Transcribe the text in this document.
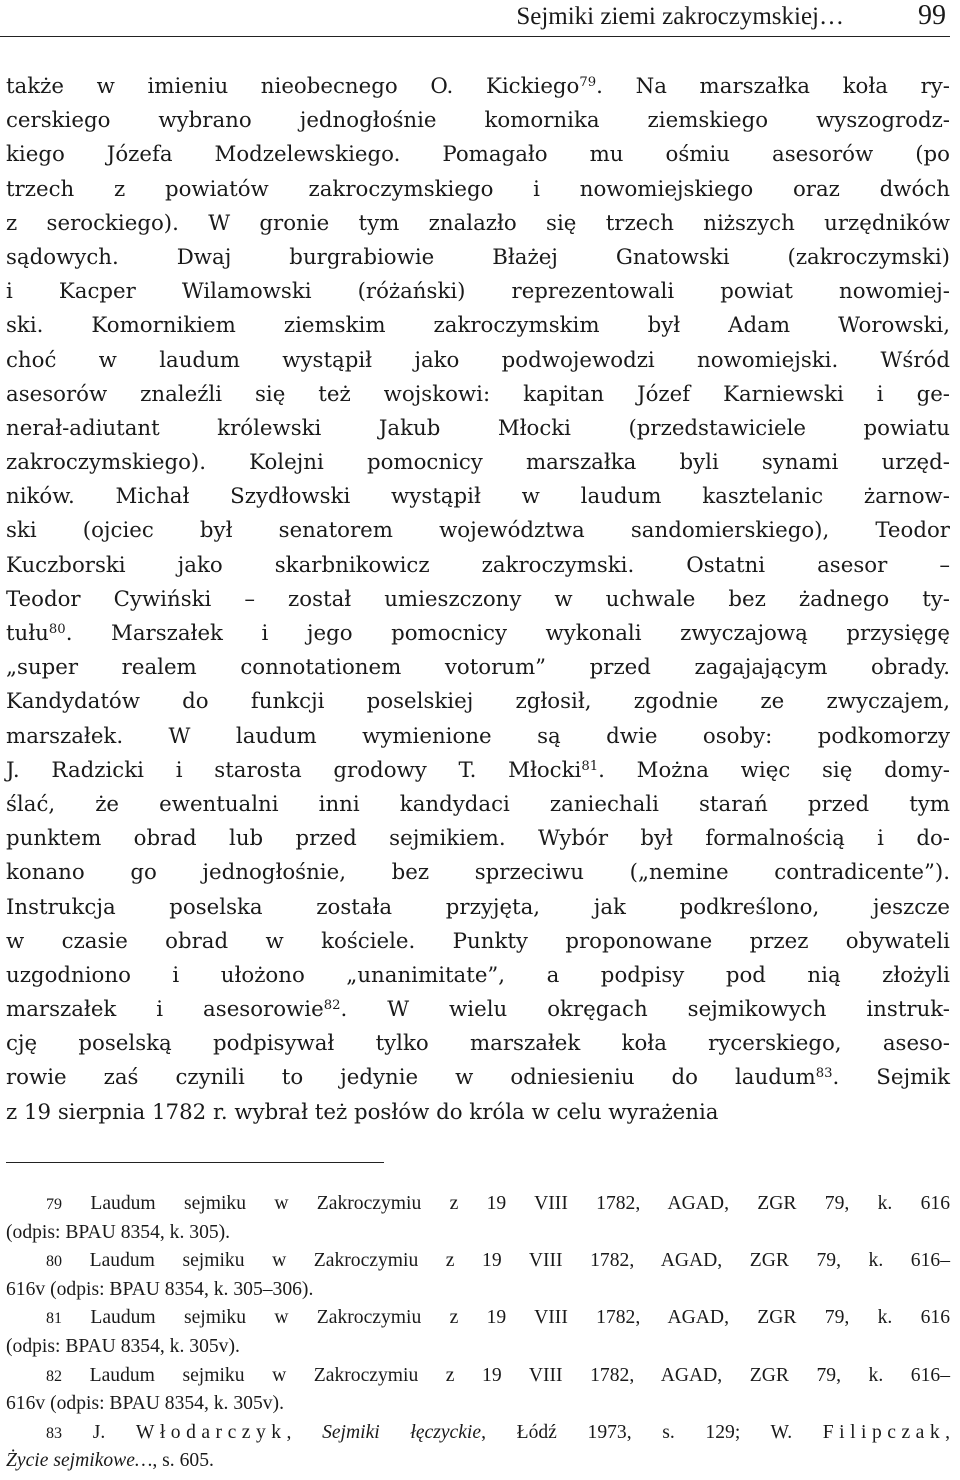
Sejmiki ziemi zakroczymskiej…	99
także w imieniu nieobecnego O. Kickiego$^{79}$. Na marszałka koła ry-
cerskiego wybrano jednogłośnie komornika ziemskiego wyszogrodz-
kiego Józefa Modzelewskiego. Pomagało mu ośmiu asesorów (po
trzech z powiatów zakroczymskiego i nowomiejskiego oraz dwóch
z serockiego). W gronie tym znalazło się trzech niższych urzędników
sądowych. Dwaj burgrabiowie Błażej Gnatowski (zakroczymski)
i Kacper Wilamowski (różański) reprezentowali powiat nowomiej-
ski. Komornikiem ziemskim zakroczymskim był Adam Worowski,
choć w laudum wystąpił jako podwojewodzi nowomiejski. Wśród
asesorów znaleźli się też wojskowi: kapitan Józef Karniewski i ge-
nerał-adiutant królewski Jakub Młocki (przedstawiciele powiatu
zakroczymskiego). Kolejni pomocnicy marszałka byli synami urzęd-
ników. Michał Szydłowski wystąpił w laudum kasztelanic żarnow-
ski (ojciec był senatorem województwa sandomierskiego), Teodor
Kuczborski jako skarbnikowicz zakroczymski. Ostatni asesor –
Teodor Cywiński – został umieszczony w uchwale bez żadnego ty-
tułu$^{80}$. Marszałek i jego pomocnicy wykonali zwyczajową przysięgę
„super realem connotationem votorum” przed zagajającym obrady.
Kandydatów do funkcji poselskiej zgłosił, zgodnie ze zwyczajem,
marszałek. W laudum wymienione są dwie osoby: podkomorzy
J. Radzicki i starosta grodowy T. Młocki$^{81}$. Można więc się domy-
ślać, że ewentualni inni kandydaci zaniechali starań przed tym
punktem obrad lub przed sejmikiem. Wybór był formalnością i do-
konano go jednogłośnie, bez sprzeciwu („nemine contradicente”).
Instrukcja poselska została przyjęta, jak podkreślono, jeszcze
w czasie obrad w kościele. Punkty proponowane przez obywateli
uzgodniono i ułożono „unanimitate”, a podpisy pod nią złożyli
marszałek i asesorowie$^{82}$. W wielu okręgach sejmikowych instruk-
cję poselską podpisywał tylko marszałek koła rycerskiego, aseso-
rowie zaś czynili to jedynie w odniesieniu do laudum$^{83}$. Sejmik
z 19 sierpnia 1782 r. wybrał też posłów do króla w celu wyrażenia
79 Laudum sejmiku w Zakroczymiu z 19 VIII 1782, AGAD, ZGR 79, k. 616
(odpis: BPAU 8354, k. 305).
80 Laudum sejmiku w Zakroczymiu z 19 VIII 1782, AGAD, ZGR 79, k. 616–
616v (odpis: BPAU 8354, k. 305–306).
81 Laudum sejmiku w Zakroczymiu z 19 VIII 1782, AGAD, ZGR 79, k. 616
(odpis: BPAU 8354, k. 305v).
82 Laudum sejmiku w Zakroczymiu z 19 VIII 1782, AGAD, ZGR 79, k. 616–
616v (odpis: BPAU 8354, k. 305v).
83 J. Włodarczyk, Sejmiki łęczyckie, Łódź 1973, s. 129; W. Filipczak,
Życie sejmikowe…, s. 605.
